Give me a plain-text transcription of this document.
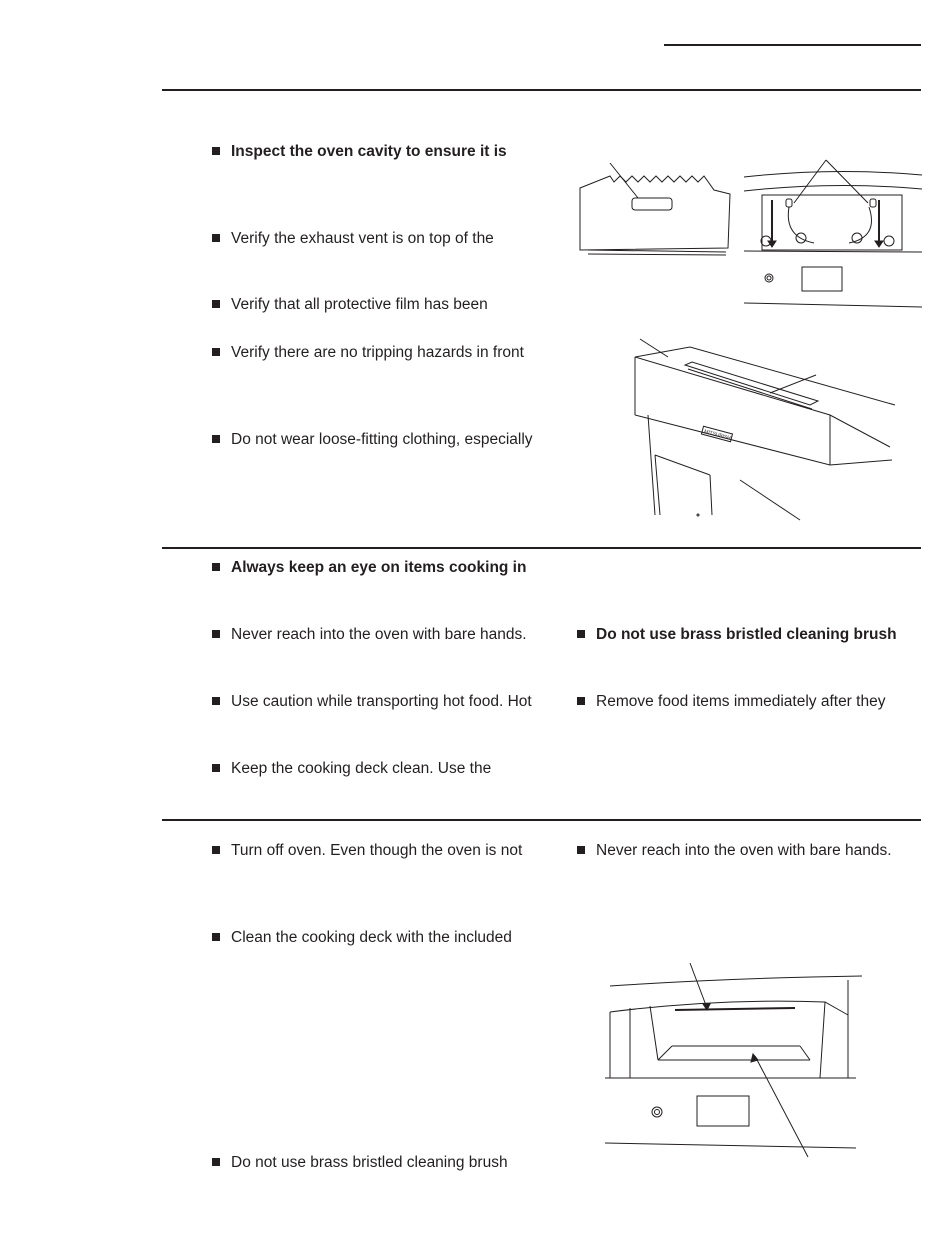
Inspect the oven cavity to ensure it is
Verify the exhaust vent is on top of the
Verify that all protective film has been
Verify there are no tripping hazards in front
Do not wear loose-fitting clothing, especially
Always keep an eye on items cooking in
Never reach into the oven with bare hands.
Use caution while transporting hot food. Hot
Keep the cooking deck clean. Use the
Do not use brass bristled cleaning brush
Remove food items immediately after they
Turn off oven. Even though the oven is not
Clean the cooking deck with the included
Do not use brass bristled cleaning brush
Never reach into the oven with bare hands.
MITSUBISHI
